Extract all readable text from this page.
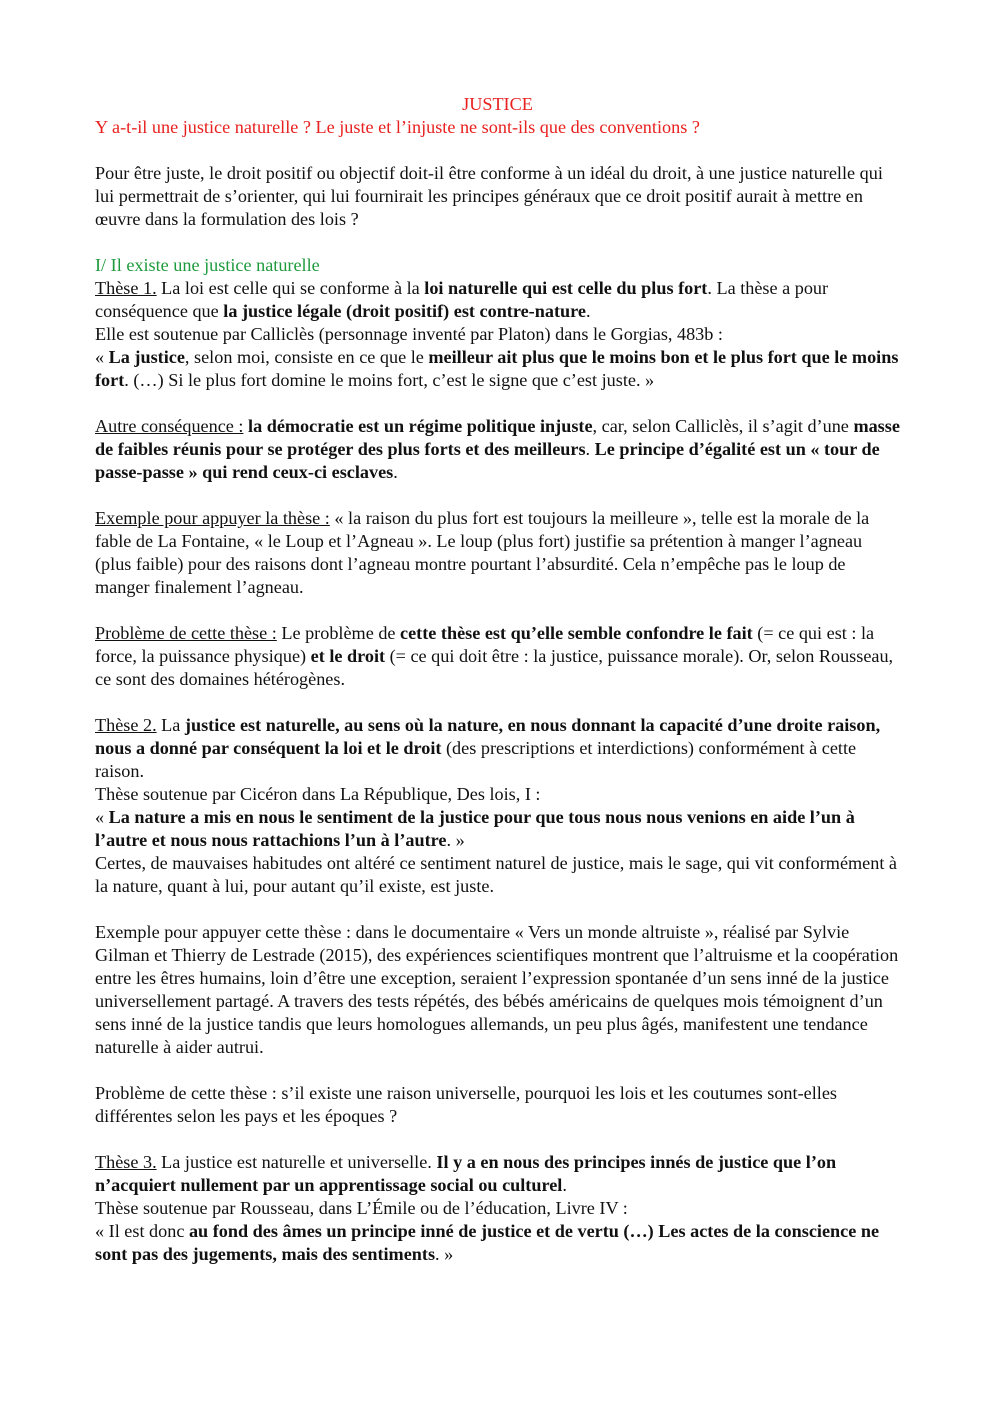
JUSTICE

Y a-t-il une justice naturelle ? Le juste et l’injuste ne sont-ils que des conventions ?

Pour être juste, le droit positif ou objectif doit-il être conforme à un idéal du droit, à une justice naturelle qui lui permettrait de s’orienter, qui lui fournirait les principes généraux que ce droit positif aurait à mettre en œuvre dans la formulation des lois ?

I/ Il existe une justice naturelle

Thèse 1. La loi est celle qui se conforme à la loi naturelle qui est celle du plus fort. La thèse a pour conséquence que la justice légale (droit positif) est contre-nature.

Elle est soutenue par Calliclès (personnage inventé par Platon) dans le Gorgias, 483b :

« La justice, selon moi, consiste en ce que le meilleur ait plus que le moins bon et le plus fort que le moins fort. (…) Si le plus fort domine le moins fort, c’est le signe que c’est juste. »

Autre conséquence : la démocratie est un régime politique injuste, car, selon Calliclès, il s’agit d’une masse de faibles réunis pour se protéger des plus forts et des meilleurs. Le principe d’égalité est un « tour de passe-passe » qui rend ceux-ci esclaves.

Exemple pour appuyer la thèse : « la raison du plus fort est toujours la meilleure », telle est la morale de la fable de La Fontaine, « le Loup et l’Agneau ». Le loup (plus fort) justifie sa prétention à manger l’agneau (plus faible) pour des raisons dont l’agneau montre pourtant l’absurdité. Cela n’empêche pas le loup de manger finalement l’agneau.

Problème de cette thèse : Le problème de cette thèse est qu’elle semble confondre le fait (= ce qui est : la force, la puissance physique) et le droit (= ce qui doit être : la justice, puissance morale). Or, selon Rousseau, ce sont des domaines hétérogènes.

Thèse 2. La justice est naturelle, au sens où la nature, en nous donnant la capacité d’une droite raison, nous a donné par conséquent la loi et le droit (des prescriptions et interdictions) conformément à cette raison.

Thèse soutenue par Cicéron dans La République, Des lois, I :

« La nature a mis en nous le sentiment de la justice pour que tous nous nous venions en aide l’un à l’autre et nous nous rattachions l’un à l’autre. »

Certes, de mauvaises habitudes ont altéré ce sentiment naturel de justice, mais le sage, qui vit conformément à la nature, quant à lui, pour autant qu’il existe, est juste.

Exemple pour appuyer cette thèse : dans le documentaire « Vers un monde altruiste », réalisé par Sylvie Gilman et Thierry de Lestrade (2015), des expériences scientifiques montrent que l’altruisme et la coopération entre les êtres humains, loin d’être une exception, seraient l’expression spontanée d’un sens inné de la justice universellement partagé. A travers des tests répétés, des bébés américains de quelques mois témoignent d’un sens inné de la justice tandis que leurs homologues allemands, un peu plus âgés, manifestent une tendance naturelle à aider autrui.

Problème de cette thèse : s’il existe une raison universelle, pourquoi les lois et les coutumes sont-elles différentes selon les pays et les époques ?

Thèse 3. La justice est naturelle et universelle. Il y a en nous des principes innés de justice que l’on n’acquiert nullement par un apprentissage social ou culturel.

Thèse soutenue par Rousseau, dans L’Émile ou de l’éducation, Livre IV :

« Il est donc au fond des âmes un principe inné de justice et de vertu (…) Les actes de la conscience ne sont pas des jugements, mais des sentiments. »
